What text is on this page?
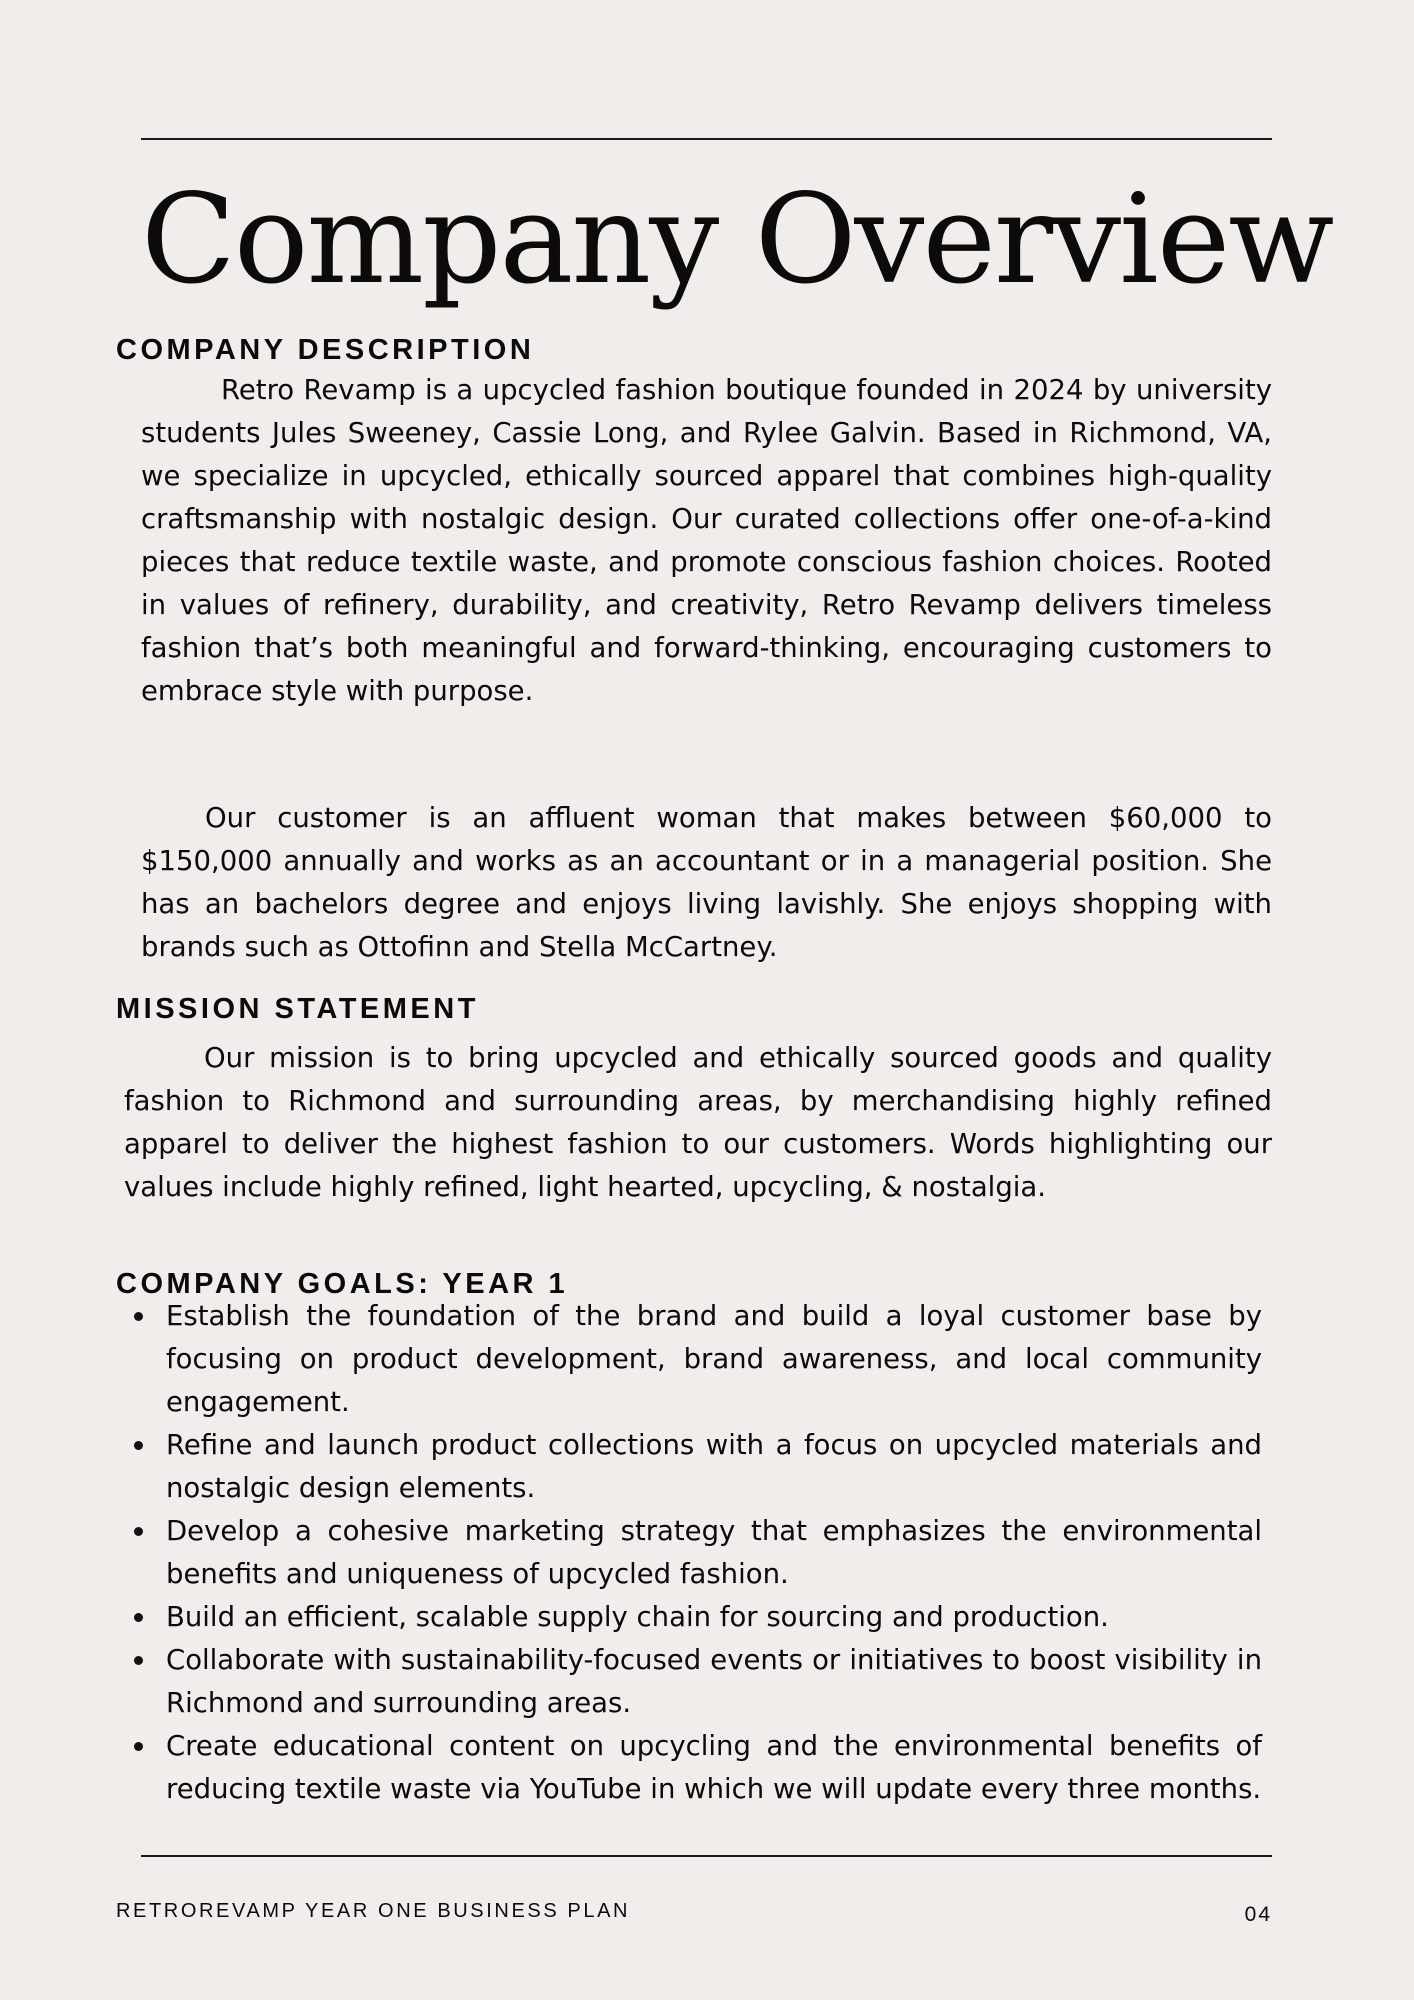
Company Overview
COMPANY DESCRIPTION

Retro Revamp is a upcycled fashion boutique founded in 2024 by university students Jules Sweeney, Cassie Long, and Rylee Galvin. Based in Richmond, VA, we specialize in upcycled, ethically sourced apparel that combines high-quality craftsmanship with nostalgic design. Our curated collections offer one-of-a-kind pieces that reduce textile waste, and promote conscious fashion choices. Rooted in values of refinery, durability, and creativity, Retro Revamp delivers timeless fashion that’s both meaningful and forward-thinking, encouraging customers to embrace style with purpose.

Our customer is an affluent woman that makes between $60,000 to $150,000 annually and works as an accountant or in a managerial position. She has an bachelors degree and enjoys living lavishly. She enjoys shopping with brands such as Ottofinn and Stella McCartney.

MISSION STATEMENT

Our mission is to bring upcycled and ethically sourced goods and quality fashion to Richmond and surrounding areas, by merchandising highly refined apparel to deliver the highest fashion to our customers. Words highlighting our values include highly refined, light hearted, upcycling, & nostalgia.

COMPANY GOALS: YEAR 1
Establish the foundation of the brand and build a loyal customer base by focusing on product development, brand awareness, and local community engagement.
Refine and launch product collections with a focus on upcycled materials and nostalgic design elements.
Develop a cohesive marketing strategy that emphasizes the environmental benefits and uniqueness of upcycled fashion.
Build an efficient, scalable supply chain for sourcing and production.
Collaborate with sustainability-focused events or initiatives to boost visibility in Richmond and surrounding areas.
Create educational content on upcycling and the environmental benefits of reducing textile waste via YouTube in which we will update every three months.

RETROREVAMP YEAR ONE BUSINESS PLAN	04
